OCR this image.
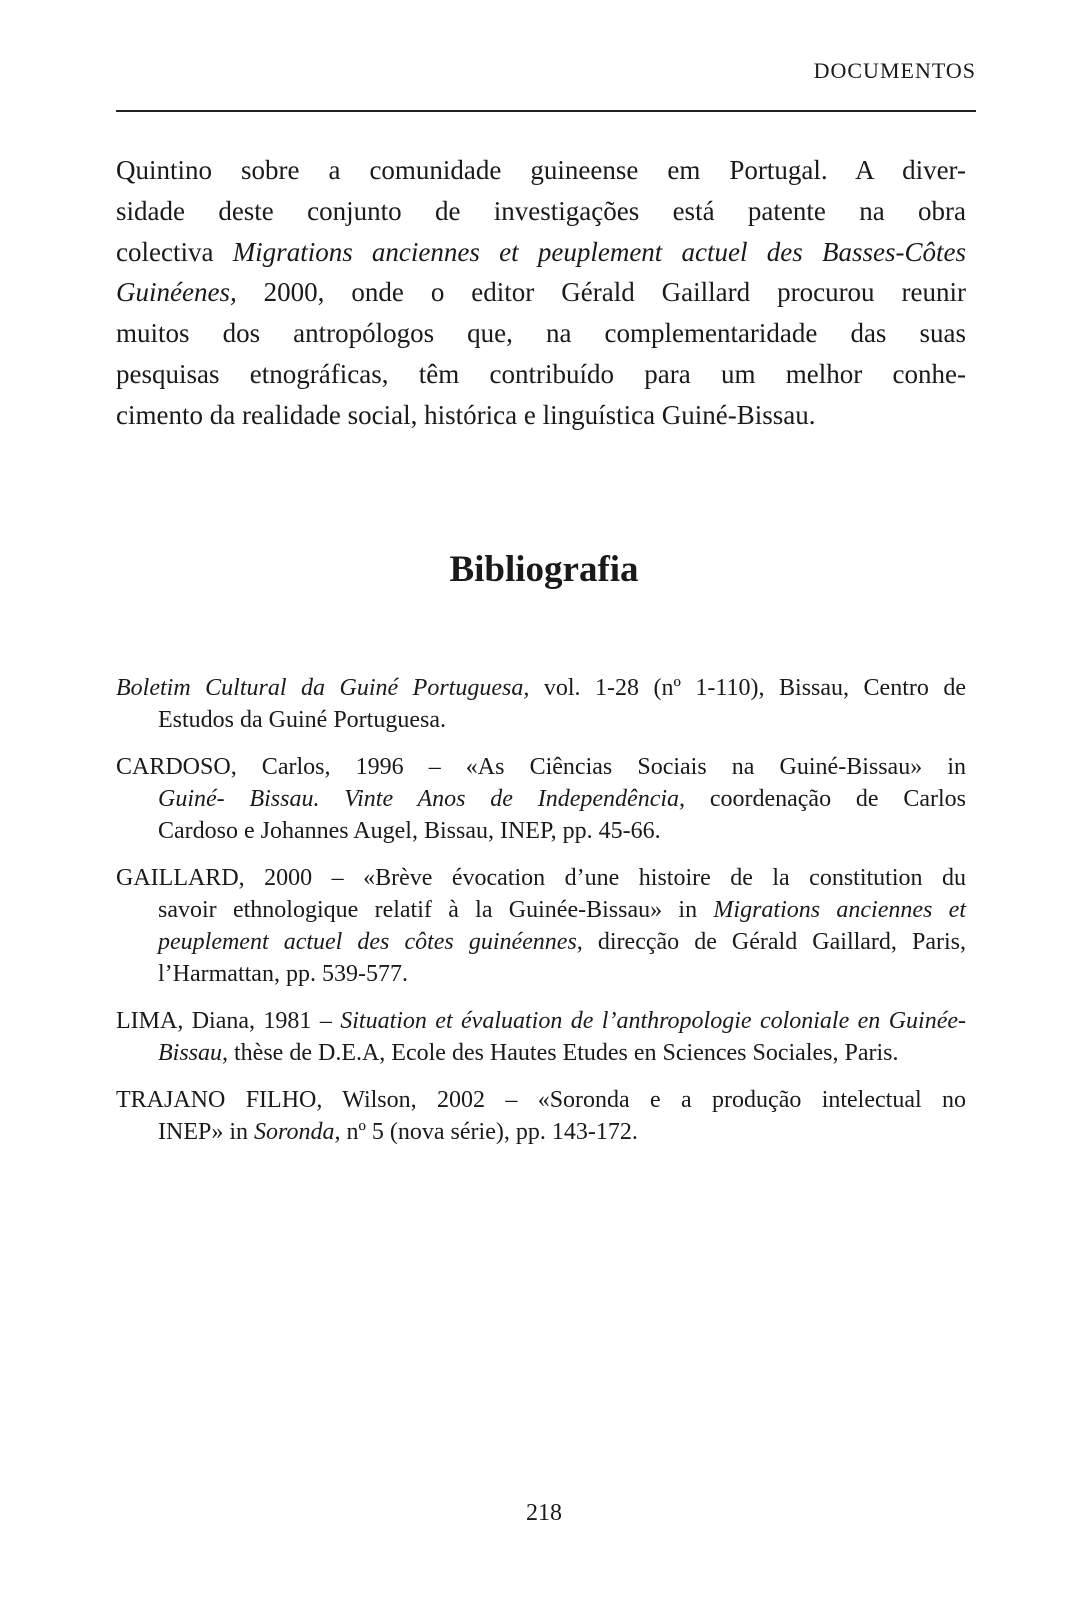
DOCUMENTOS
Quintino sobre a comunidade guineense em Portugal. A diver-
sidade deste conjunto de investigações está patente na obra
colectiva Migrations anciennes et peuplement actuel des Basses-Côtes
Guinéenes, 2000, onde o editor Gérald Gaillard procurou reunir
muitos dos antropólogos que, na complementaridade das suas
pesquisas etnográficas, têm contribuído para um melhor conhe-
cimento da realidade social, histórica e linguística Guiné-Bissau.
Bibliografia
Boletim Cultural da Guiné Portuguesa, vol. 1-28 (nº 1-110), Bissau, Centro de
Estudos da Guiné Portuguesa.
CARDOSO, Carlos, 1996 – «As Ciências Sociais na Guiné-Bissau» in
Guiné- Bissau. Vinte Anos de Independência, coordenação de Carlos
Cardoso e Johannes Augel, Bissau, INEP, pp. 45-66.
GAILLARD, 2000 – «Brève évocation d’une histoire de la constitution du
savoir ethnologique relatif à la Guinée-Bissau» in Migrations anciennes et
peuplement actuel des côtes guinéennes, direcção de Gérald Gaillard, Paris,
l’Harmattan, pp. 539-577.
LIMA, Diana, 1981 – Situation et évaluation de l’anthropologie coloniale en Guinée-
Bissau, thèse de D.E.A, Ecole des Hautes Etudes en Sciences Sociales, Paris.
TRAJANO FILHO, Wilson, 2002 – «Soronda e a produção intelectual no
INEP» in Soronda, nº 5 (nova série), pp. 143-172.
218
